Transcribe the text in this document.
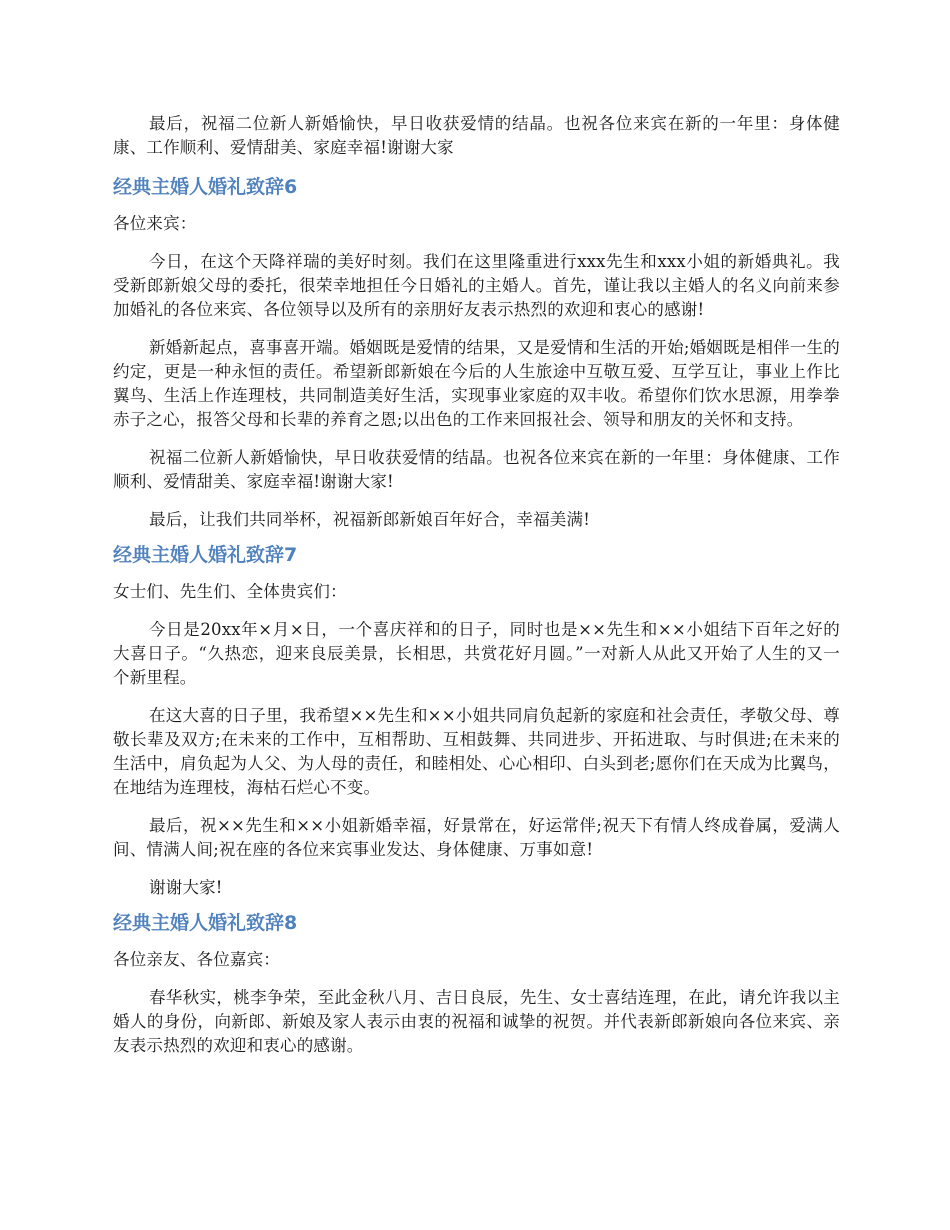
最后，祝福二位新人新婚愉快，早日收获爱情的结晶。也祝各位来宾在新的一年里：身体健康、工作顺利、爱情甜美、家庭幸福!谢谢大家

经典主婚人婚礼致辞6

各位来宾：

今日，在这个天降祥瑞的美好时刻。我们在这里隆重进行xxx先生和xxx小姐的新婚典礼。我受新郎新娘父母的委托，很荣幸地担任今日婚礼的主婚人。首先，谨让我以主婚人的名义向前来参加婚礼的各位来宾、各位领导以及所有的亲朋好友表示热烈的欢迎和衷心的感谢!

新婚新起点，喜事喜开端。婚姻既是爱情的结果，又是爱情和生活的开始;婚姻既是相伴一生的约定，更是一种永恒的责任。希望新郎新娘在今后的人生旅途中互敬互爱、互学互让，事业上作比翼鸟、生活上作连理枝，共同制造美好生活，实现事业家庭的双丰收。希望你们饮水思源，用拳拳赤子之心，报答父母和长辈的养育之恩;以出色的工作来回报社会、领导和朋友的关怀和支持。

祝福二位新人新婚愉快，早日收获爱情的结晶。也祝各位来宾在新的一年里：身体健康、工作顺利、爱情甜美、家庭幸福!谢谢大家!

最后，让我们共同举杯，祝福新郎新娘百年好合，幸福美满!

经典主婚人婚礼致辞7

女士们、先生们、全体贵宾们：

今日是20xx年×月×日，一个喜庆祥和的日子，同时也是××先生和××小姐结下百年之好的大喜日子。“久热恋，迎来良辰美景，长相思，共赏花好月圆。”一对新人从此又开始了人生的又一个新里程。

在这大喜的日子里，我希望××先生和××小姐共同肩负起新的家庭和社会责任，孝敬父母、尊敬长辈及双方;在未来的工作中，互相帮助、互相鼓舞、共同进步、开拓进取、与时俱进;在未来的生活中，肩负起为人父、为人母的责任，和睦相处、心心相印、白头到老;愿你们在天成为比翼鸟，在地结为连理枝，海枯石烂心不变。

最后，祝××先生和××小姐新婚幸福，好景常在，好运常伴;祝天下有情人终成眷属，爱满人间、情满人间;祝在座的各位来宾事业发达、身体健康、万事如意!

谢谢大家!

经典主婚人婚礼致辞8

各位亲友、各位嘉宾：

春华秋实，桃李争荣，至此金秋八月、吉日良辰，先生、女士喜结连理，在此，请允许我以主婚人的身份，向新郎、新娘及家人表示由衷的祝福和诚挚的祝贺。并代表新郎新娘向各位来宾、亲友表示热烈的欢迎和衷心的感谢。
